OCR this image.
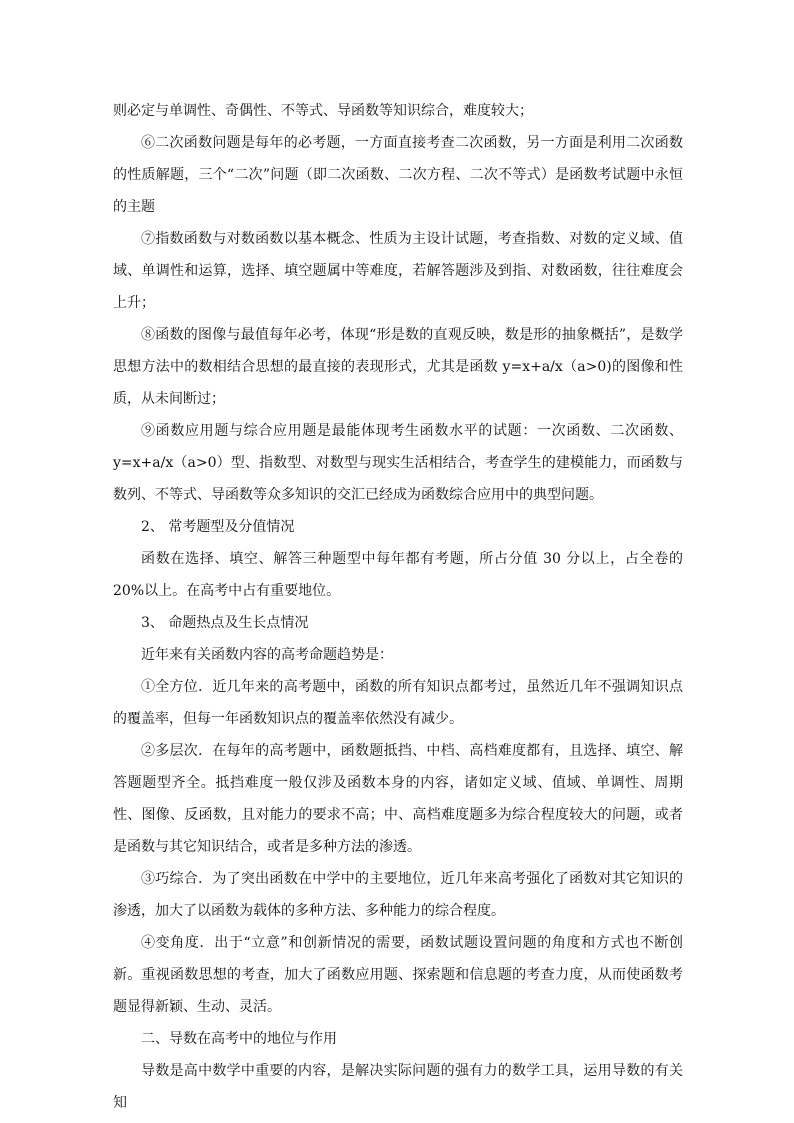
则必定与单调性、奇偶性、不等式、导函数等知识综合，难度较大；

⑥二次函数问题是每年的必考题，一方面直接考查二次函数，另一方面是利用二次函数的性质解题，三个“二次”问题（即二次函数、二次方程、二次不等式）是函数考试题中永恒的主题

⑦指数函数与对数函数以基本概念、性质为主设计试题，考查指数、对数的定义域、值域、单调性和运算，选择、填空题属中等难度，若解答题涉及到指、对数函数，往往难度会上升；

⑧函数的图像与最值每年必考，体现“形是数的直观反映，数是形的抽象概括”，是数学思想方法中的数相结合思想的最直接的表现形式，尤其是函数 y=x+a/x（a>0)的图像和性质，从未间断过；

⑨函数应用题与综合应用题是最能体现考生函数水平的试题：一次函数、二次函数、y=x+a/x（a>0）型、指数型、对数型与现实生活相结合，考查学生的建模能力，而函数与数列、不等式、导函数等众多知识的交汇已经成为函数综合应用中的典型问题。

2、 常考题型及分值情况

函数在选择、填空、解答三种题型中每年都有考题，所占分值 30 分以上，占全卷的 20%以上。在高考中占有重要地位。

3、 命题热点及生长点情况

近年来有关函数内容的高考命题趋势是：

①全方位．近几年来的高考题中，函数的所有知识点都考过，虽然近几年不强调知识点的覆盖率，但每一年函数知识点的覆盖率依然没有减少。

②多层次．在每年的高考题中，函数题抵挡、中档、高档难度都有，且选择、填空、解答题题型齐全。抵挡难度一般仅涉及函数本身的内容，诸如定义域、值域、单调性、周期性、图像、反函数，且对能力的要求不高；中、高档难度题多为综合程度较大的问题，或者是函数与其它知识结合，或者是多种方法的渗透。

③巧综合．为了突出函数在中学中的主要地位，近几年来高考强化了函数对其它知识的渗透，加大了以函数为载体的多种方法、多种能力的综合程度。

④变角度．出于“立意”和创新情况的需要，函数试题设置问题的角度和方式也不断创新。重视函数思想的考查，加大了函数应用题、探索题和信息题的考查力度，从而使函数考题显得新颖、生动、灵活。

二、导数在高考中的地位与作用

导数是高中数学中重要的内容，是解决实际问题的强有力的数学工具，运用导数的有关知
